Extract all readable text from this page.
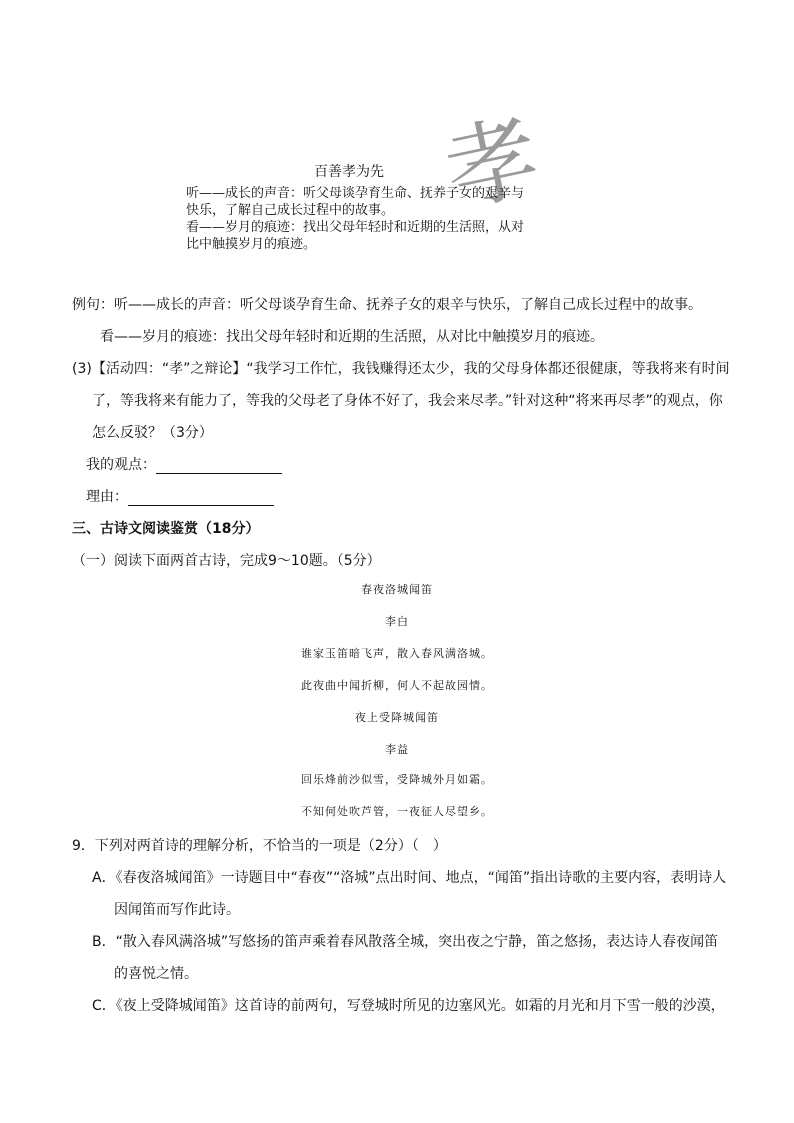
孝
百善孝为先
听——成长的声音：听父母谈孕育生命、抚养子女的艰辛与
快乐，了解自己成长过程中的故事。
看——岁月的痕迹：找出父母年轻时和近期的生活照，从对
比中触摸岁月的痕迹。
例句：听——成长的声音：听父母谈孕育生命、抚养子女的艰辛与快乐，了解自己成长过程中的故事。
看——岁月的痕迹：找出父母年轻时和近期的生活照，从对比中触摸岁月的痕迹。
(3)【活动四：“孝”之辩论】“我学习工作忙，我钱赚得还太少，我的父母身体都还很健康，等我将来有时间
了，等我将来有能力了，等我的父母老了身体不好了，我会来尽孝。”针对这种“将来再尽孝”的观点，你
怎么反驳？（3分）
我的观点：
理由：
三、古诗文阅读鉴赏（18分）
（一）阅读下面两首古诗，完成9～10题。（5分）
春夜洛城闻笛
李白
谁家玉笛暗飞声，散入春风满洛城。
此夜曲中闻折柳，何人不起故园情。
夜上受降城闻笛
李益
回乐烽前沙似雪，受降城外月如霜。
不知何处吹芦管，一夜征人尽望乡。
9．下列对两首诗的理解分析，不恰当的一项是（2分）（　）
A．《春夜洛城闻笛》一诗题目中“春夜”“洛城”点出时间、地点，“闻笛”指出诗歌的主要内容，表明诗人
因闻笛而写作此诗。
B．“散入春风满洛城”写悠扬的笛声乘着春风散落全城，突出夜之宁静，笛之悠扬，表达诗人春夜闻笛
的喜悦之情。
C．《夜上受降城闻笛》这首诗的前两句，写登城时所见的边塞风光。如霜的月光和月下雪一般的沙漠，
